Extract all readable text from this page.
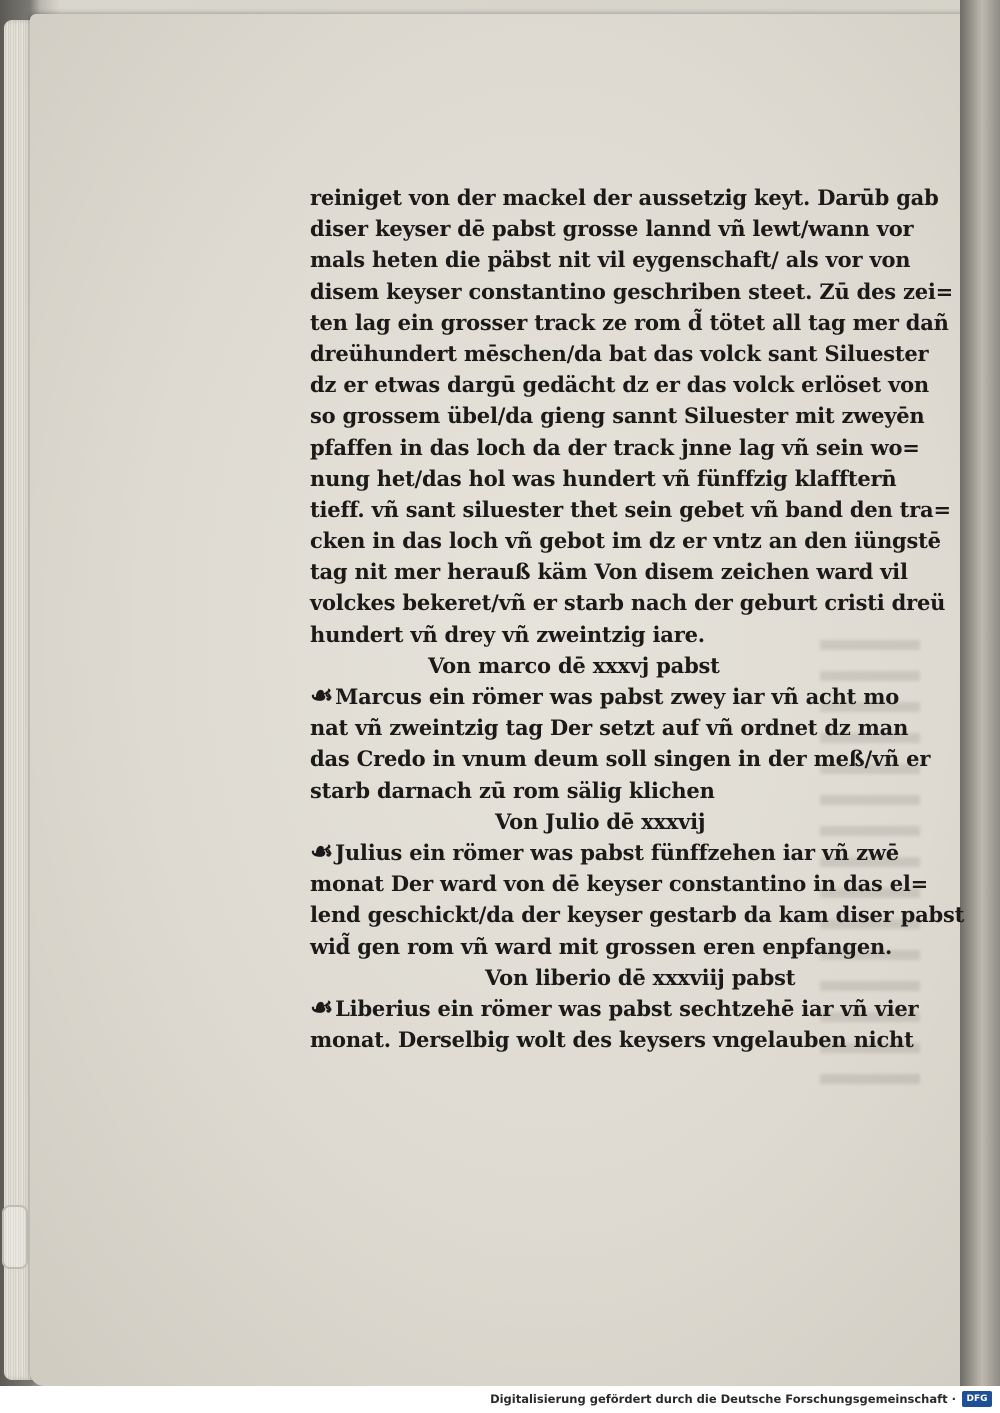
reiniget von der mackel der aussetzig keyt. Darūb gab
diser keyser dē pabst grosse lannd vñ lewt/wann vor
mals heten die päbst nit vil eygenschaft/ als vor von
disem keyser constantino geschriben steet. Zū des zei=
ten lag ein grosser track ze rom d̃ tötet all tag mer dañ
dreühundert mēschen/da bat das volck sant Siluester
dz er etwas dargū gedächt dz er das volck erlöset von
so grossem übel/da gieng sannt Siluester mit zweyēn
pfaffen in das loch da der track jnne lag vñ sein wo=
nung het/das hol was hundert vñ fünffzig klafftern̄
tieff. vñ sant siluester thet sein gebet vñ band den tra=
cken in das loch vñ gebot im dz er vntz an den iüngstē
tag nit mer herauß käm Von disem zeichen ward vil
volckes bekeret/vñ er starb nach der geburt cristi dreü
hundert vñ drey vñ zweintzig iare.
Von marco dē xxxvj pabst
☙Marcus ein römer was pabst zwey iar vñ acht mo
nat vñ zweintzig tag Der setzt auf vñ ordnet dz man
das Credo in vnum deum soll singen in der meß/vñ er
starb darnach zū rom sälig klichen
Von Julio dē xxxvij
☙Julius ein römer was pabst fünffzehen iar vñ zwē
monat Der ward von dē keyser constantino in das el=
lend geschickt/da der keyser gestarb da kam diser pabst
wid̃ gen rom vñ ward mit grossen eren enpfangen.
Von liberio dē xxxviij pabst
☙Liberius ein römer was pabst sechtzehē iar vñ vier
monat. Derselbig wolt des keysers vngelauben nicht
Digitalisierung gefördert durch die Deutsche Forschungsgemeinschaft ·	DFG
